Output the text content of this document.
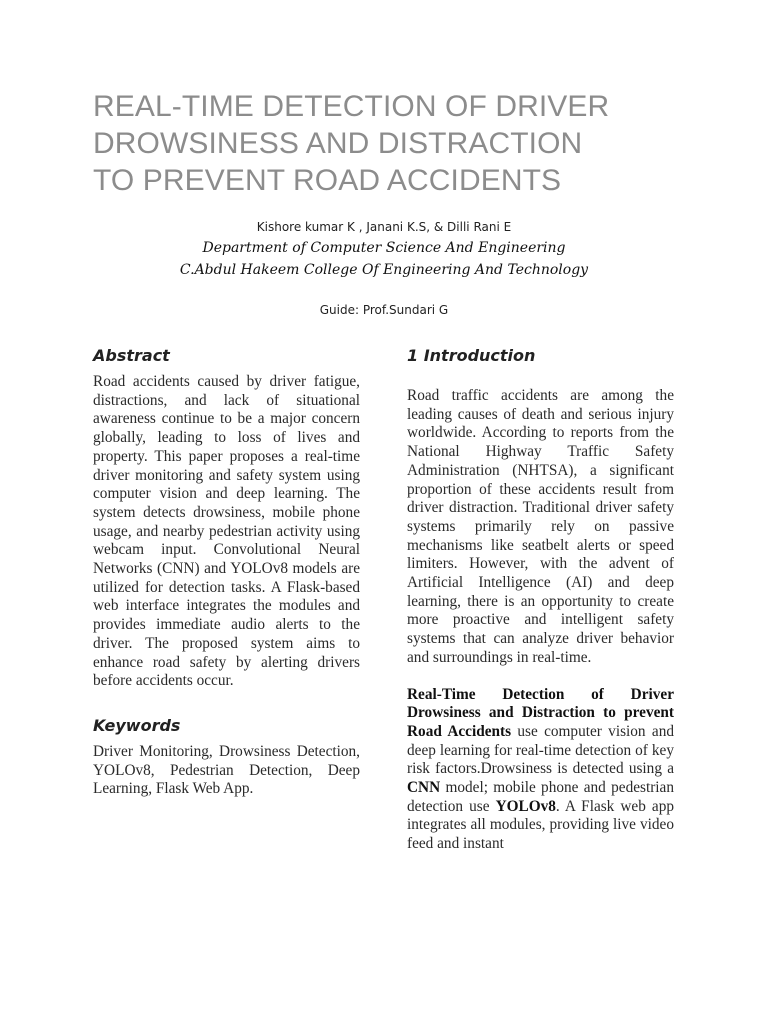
REAL-TIME DETECTION OF DRIVER
DROWSINESS AND DISTRACTION
TO PREVENT ROAD ACCIDENTS
Kishore kumar K , Janani K.S, & Dilli Rani E
Department of Computer Science And Engineering
C.Abdul Hakeem College Of Engineering And Technology
Guide: Prof.Sundari G
Abstract

Road accidents caused by driver fatigue, distractions, and lack of situational awareness continue to be a major concern globally, leading to loss of lives and property. This paper proposes a real-time driver monitoring and safety system using computer vision and deep learning. The system detects drowsiness, mobile phone usage, and nearby pedestrian activity using webcam input. Convolutional Neural Networks (CNN) and YOLOv8 models are utilized for detection tasks. A Flask-based web interface integrates the modules and provides immediate audio alerts to the driver. The proposed system aims to enhance road safety by alerting drivers before accidents occur.

Keywords

Driver Monitoring, Drowsiness Detection, YOLOv8, Pedestrian Detection, Deep Learning, Flask Web App.

1 Introduction

Road traffic accidents are among the leading causes of death and serious injury worldwide. According to reports from the National Highway Traffic Safety Administration (NHTSA), a significant proportion of these accidents result from driver distraction. Traditional driver safety systems primarily rely on passive mechanisms like seatbelt alerts or speed limiters. However, with the advent of Artificial Intelligence (AI) and deep learning, there is an opportunity to create more proactive and intelligent safety systems that can analyze driver behavior and surroundings in real-time.

Real-Time Detection of Driver Drowsiness and Distraction to prevent Road Accidents use computer vision and deep learning for real-time detection of key risk factors.Drowsiness is detected using a CNN model; mobile phone and pedestrian detection use YOLOv8. A Flask web app integrates all modules, providing live video feed and instant
